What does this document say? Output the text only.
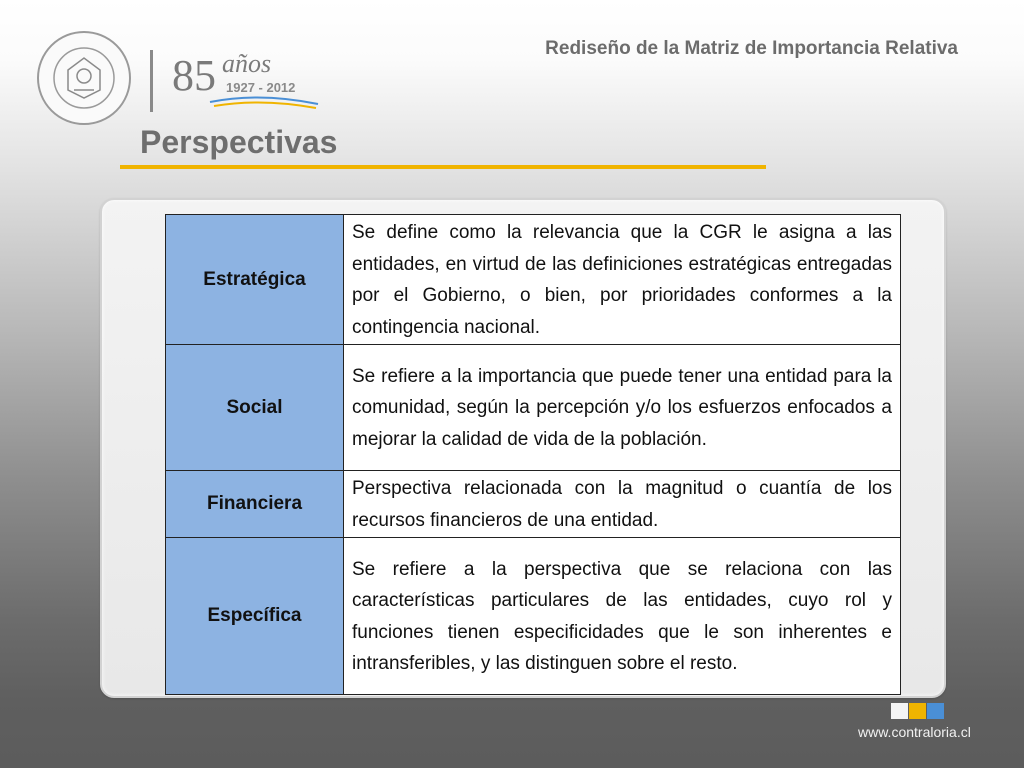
85 años
1927 - 2012
Rediseño de la Matriz de Importancia Relativa
Perspectivas
Estratégica	Se define como la relevancia que la CGR le asigna a las entidades, en virtud de las definiciones estratégicas entregadas por el Gobierno, o bien, por prioridades conformes a la contingencia nacional.
Social	Se refiere a la importancia que puede tener una entidad para la comunidad, según la percepción y/o los esfuerzos enfocados a mejorar la calidad de vida de la población.
Financiera	Perspectiva relacionada con la magnitud o cuantía de los recursos financieros de una entidad.
Específica	Se refiere a la perspectiva que se relaciona con las características particulares de las entidades, cuyo rol y funciones tienen especificidades que le son inherentes e intransferibles, y las distinguen sobre el resto.
www.contraloria.cl
